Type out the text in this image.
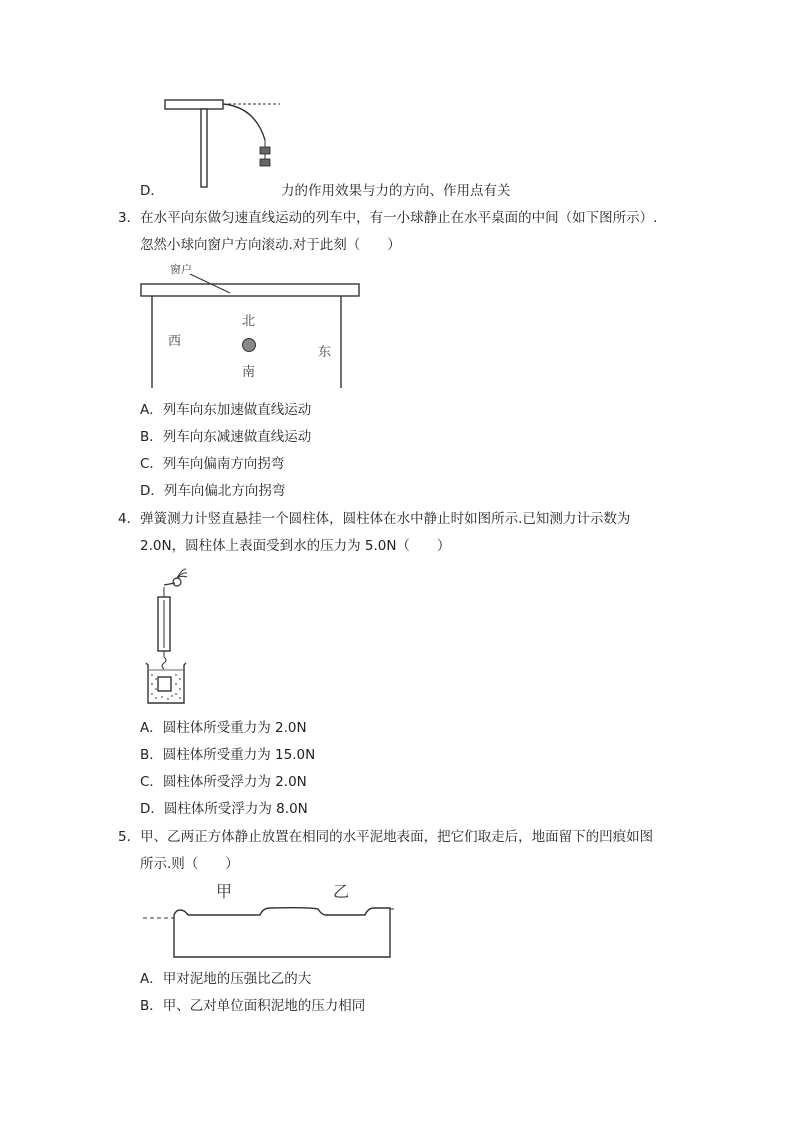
D．	力的作用效果与力的方向、作用点有关
3．在水平向东做匀速直线运动的列车中，有一小球静止在水平桌面的中间（如下图所示）.
忽然小球向窗户方向滚动.对于此刻（　　）
窗户
北
西
东
南
A．列车向东加速做直线运动
B．列车向东减速做直线运动
C．列车向偏南方向拐弯
D．列车向偏北方向拐弯
4．弹簧测力计竖直悬挂一个圆柱体，圆柱体在水中静止时如图所示.已知测力计示数为
2.0N，圆柱体上表面受到水的压力为 5.0N（　　）
A．圆柱体所受重力为 2.0N
B．圆柱体所受重力为 15.0N
C．圆柱体所受浮力为 2.0N
D．圆柱体所受浮力为 8.0N
5．甲、乙两正方体静止放置在相同的水平泥地表面，把它们取走后，地面留下的凹痕如图
所示.则（　　）
甲	乙
A．甲对泥地的压强比乙的大
B．甲、乙对单位面积泥地的压力相同
